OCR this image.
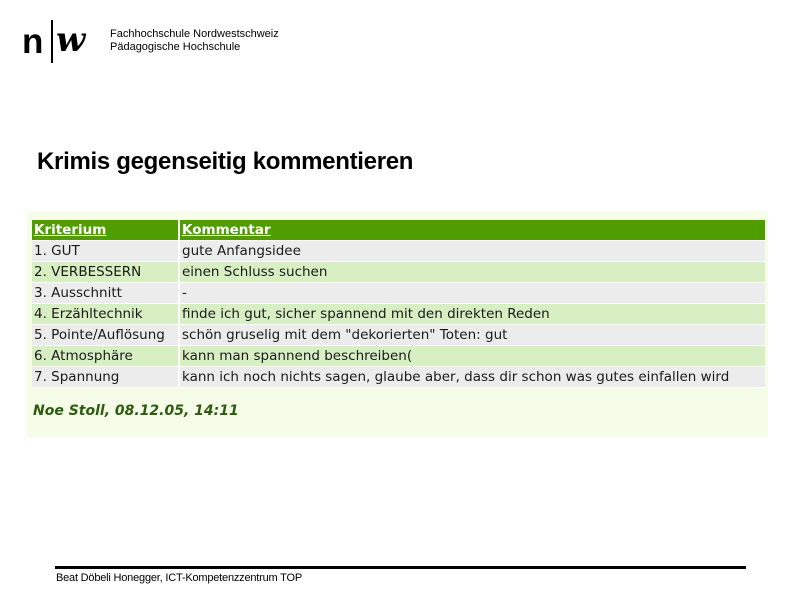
n w Fachhochschule Nordwestschweiz
Pädagogische Hochschule
Krimis gegenseitig kommentieren
Kriterium	Kommentar
1. GUT	gute Anfangsidee
2. VERBESSERN	einen Schluss suchen
3. Ausschnitt	-
4. Erzähltechnik	finde ich gut, sicher spannend mit den direkten Reden
5. Pointe/Auflösung	schön gruselig mit dem "dekorierten" Toten: gut
6. Atmosphäre	kann man spannend beschreiben(
7. Spannung	kann ich noch nichts sagen, glaube aber, dass dir schon was gutes einfallen wird
Noe Stoll, 08.12.05, 14:11
Beat Döbeli Honegger, ICT-Kompetenzzentrum TOP
